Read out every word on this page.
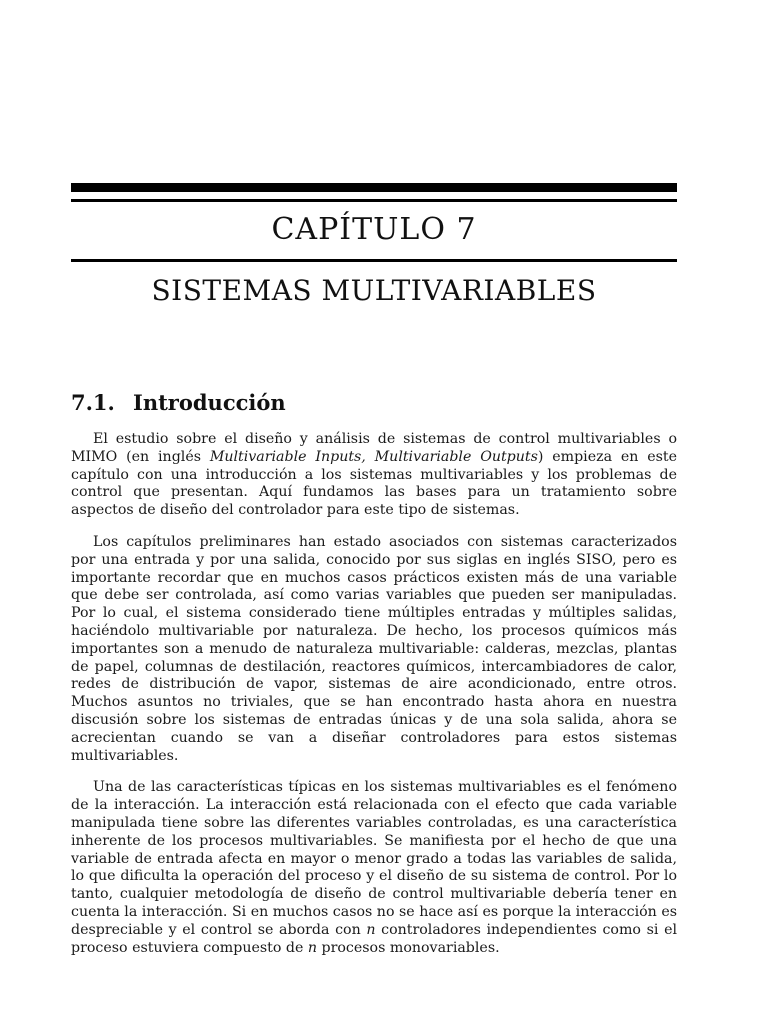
CAPÍTULO 7
SISTEMAS MULTIVARIABLES
7.1. Introducción

El estudio sobre el diseño y análisis de sistemas de control multivariables o MIMO (en inglés Multivariable Inputs, Multivariable Outputs) empieza en este capítulo con una introducción a los sistemas multivariables y los problemas de control que presentan. Aquí fundamos las bases para un tratamiento sobre aspectos de diseño del controlador para este tipo de sistemas.

Los capítulos preliminares han estado asociados con sistemas caracterizados por una entrada y por una salida, conocido por sus siglas en inglés SISO, pero es importante recordar que en muchos casos prácticos existen más de una variable que debe ser controlada, así como varias variables que pueden ser manipuladas. Por lo cual, el sistema considerado tiene múltiples entradas y múltiples salidas, haciéndolo multivariable por naturaleza. De hecho, los procesos químicos más importantes son a menudo de naturaleza multivariable: calderas, mezclas, plantas de papel, columnas de destilación, reactores químicos, intercambiadores de calor, redes de distribución de vapor, sistemas de aire acondicionado, entre otros. Muchos asuntos no triviales, que se han encontrado hasta ahora en nuestra discusión sobre los sistemas de entradas únicas y de una sola salida, ahora se acrecientan cuando se van a diseñar controladores para estos sistemas multivariables.

Una de las características típicas en los sistemas multivariables es el fenómeno de la interacción. La interacción está relacionada con el efecto que cada variable manipulada tiene sobre las diferentes variables controladas, es una característica inherente de los procesos multivariables. Se manifiesta por el hecho de que una variable de entrada afecta en mayor o menor grado a todas las variables de salida, lo que dificulta la operación del proceso y el diseño de su sistema de control. Por lo tanto, cualquier metodología de diseño de control multivariable debería tener en cuenta la interacción. Si en muchos casos no se hace así es porque la interacción es despreciable y el control se aborda con n controladores independientes como si el proceso estuviera compuesto de n procesos monovariables.
